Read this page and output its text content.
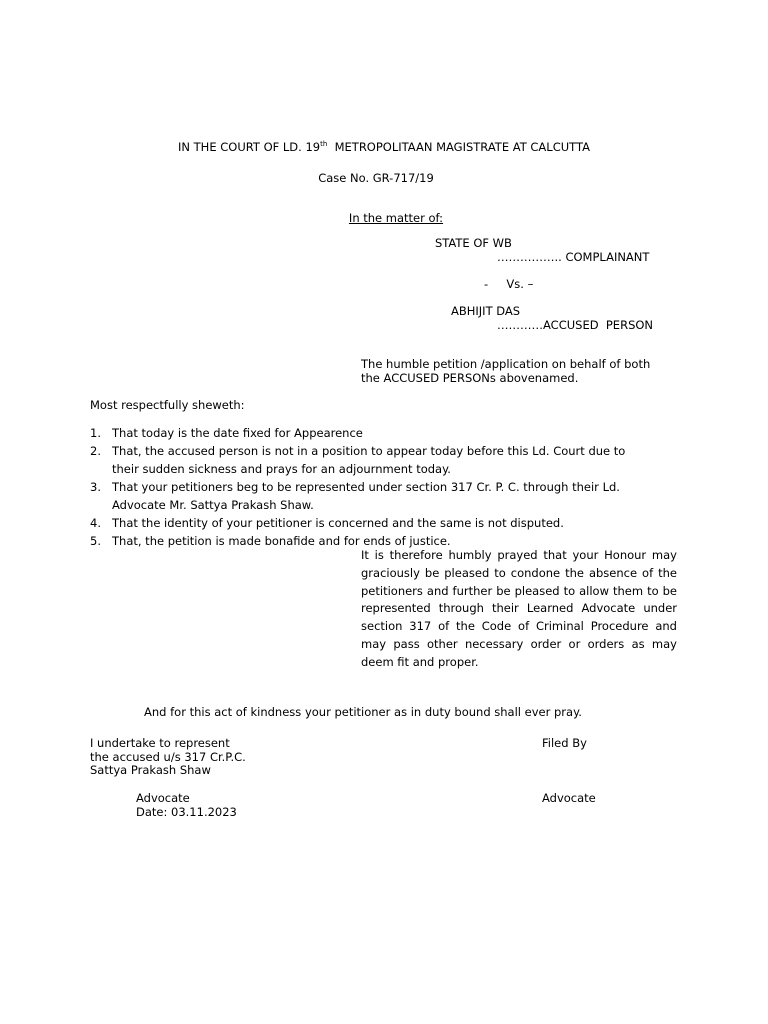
IN THE COURT OF LD. 19th  METROPOLITAAN MAGISTRATE AT CALCUTTA
Case No. GR-717/19
In the matter of:
STATE OF WB
…………….. COMPLAINANT
-     Vs. –
ABHIJIT DAS
…………ACCUSED  PERSON
The humble petition /application on behalf of both
the ACCUSED PERSONs abovenamed.
Most respectfully sheweth:
1. That today is the date fixed for Appearence
2. That, the accused person is not in a position to appear today before this Ld. Court due to
their sudden sickness and prays for an adjournment today.
3. That your petitioners beg to be represented under section 317 Cr. P. C. through their Ld.
Advocate Mr. Sattya Prakash Shaw.
4. That the identity of your petitioner is concerned and the same is not disputed.
5. That, the petition is made bonafide and for ends of justice.

It is therefore humbly prayed that your Honour may graciously be pleased to condone the absence of the petitioners and further be pleased to allow them to be represented through their Learned Advocate under section 317 of the Code of Criminal Procedure and may pass other necessary order or orders as may deem fit and proper.

And for this act of kindness your petitioner as in duty bound shall ever pray.
I undertake to represent
the accused u/s 317 Cr.P.C.
Sattya Prakash Shaw
Filed By
Advocate
Date: 03.11.2023
Advocate
